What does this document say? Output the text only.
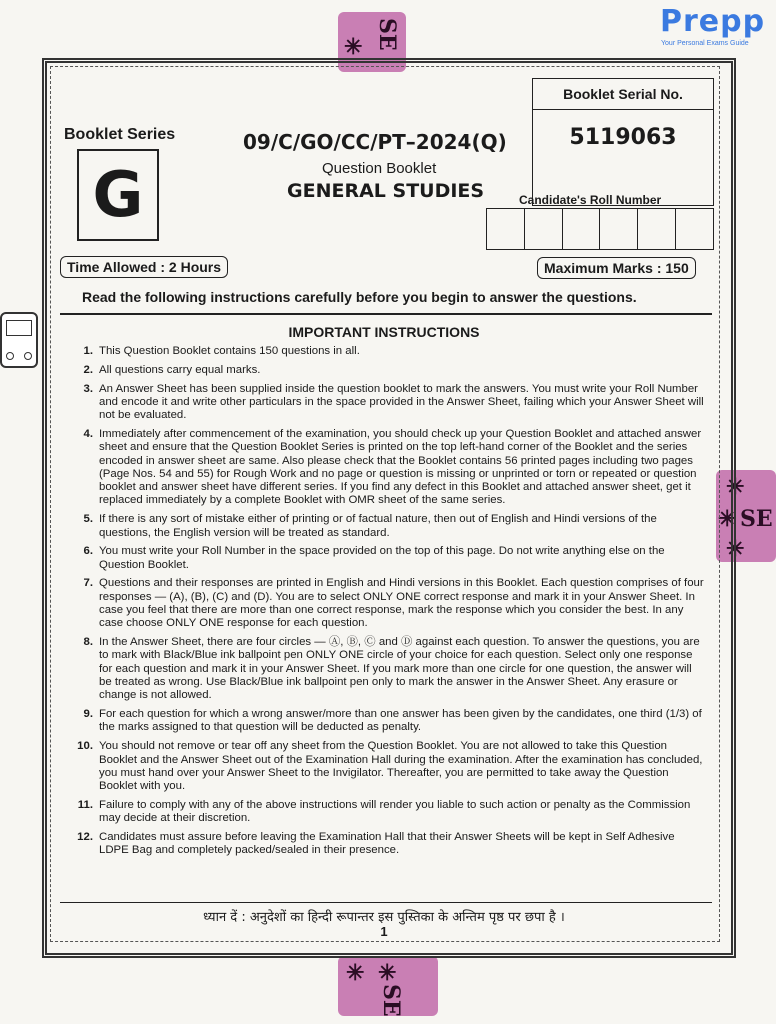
Prepp
Your Personal Exams Guide
✳ SE
✳
✳ SE
✳
✳ ✳
SE
Booklet Series
G
09/C/GO/CC/PT–2024(Q)
Question Booklet
GENERAL STUDIES
Booklet Serial No.
5119063
Candidate's Roll Number
Time Allowed : 2 Hours	Maximum Marks : 150
Read the following instructions carefully before you begin to answer the questions.
IMPORTANT INSTRUCTIONS
1. This Question Booklet contains 150 questions in all.
2. All questions carry equal marks.
3. An Answer Sheet has been supplied inside the question booklet to mark the answers. You must write your Roll Number and encode it and write other particulars in the space provided in the Answer Sheet, failing which your Answer Sheet will not be evaluated.
4. Immediately after commencement of the examination, you should check up your Question Booklet and attached answer sheet and ensure that the Question Booklet Series is printed on the top left-hand corner of the Booklet and the series encoded in answer sheet are same. Also please check that the Booklet contains 56 printed pages including two pages (Page Nos. 54 and 55) for Rough Work and no page or question is missing or unprinted or torn or repeated or question booklet and answer sheet have different series. If you find any defect in this Booklet and attached answer sheet, get it replaced immediately by a complete Booklet with OMR sheet of the same series.
5. If there is any sort of mistake either of printing or of factual nature, then out of English and Hindi versions of the questions, the English version will be treated as standard.
6. You must write your Roll Number in the space provided on the top of this page. Do not write anything else on the Question Booklet.
7. Questions and their responses are printed in English and Hindi versions in this Booklet. Each question comprises of four responses — (A), (B), (C) and (D). You are to select ONLY ONE correct response and mark it in your Answer Sheet. In case you feel that there are more than one correct response, mark the response which you consider the best. In any case choose ONLY ONE response for each question.
8. In the Answer Sheet, there are four circles — Ⓐ, Ⓑ, Ⓒ and Ⓓ against each question. To answer the questions, you are to mark with Black/Blue ink ballpoint pen ONLY ONE circle of your choice for each question. Select only one response for each question and mark it in your Answer Sheet. If you mark more than one circle for one question, the answer will be treated as wrong. Use Black/Blue ink ballpoint pen only to mark the answer in the Answer Sheet. Any erasure or change is not allowed.
9. For each question for which a wrong answer/more than one answer has been given by the candidates, one third (1/3) of the marks assigned to that question will be deducted as penalty.
10. You should not remove or tear off any sheet from the Question Booklet. You are not allowed to take this Question Booklet and the Answer Sheet out of the Examination Hall during the examination. After the examination has concluded, you must hand over your Answer Sheet to the Invigilator. Thereafter, you are permitted to take away the Question Booklet with you.
11. Failure to comply with any of the above instructions will render you liable to such action or penalty as the Commission may decide at their discretion.
12. Candidates must assure before leaving the Examination Hall that their Answer Sheets will be kept in Self Adhesive LDPE Bag and completely packed/sealed in their presence.
ध्यान दें : अनुदेशों का हिन्दी रूपान्तर इस पुस्तिका के अन्तिम पृष्ठ पर छपा है ।
1
